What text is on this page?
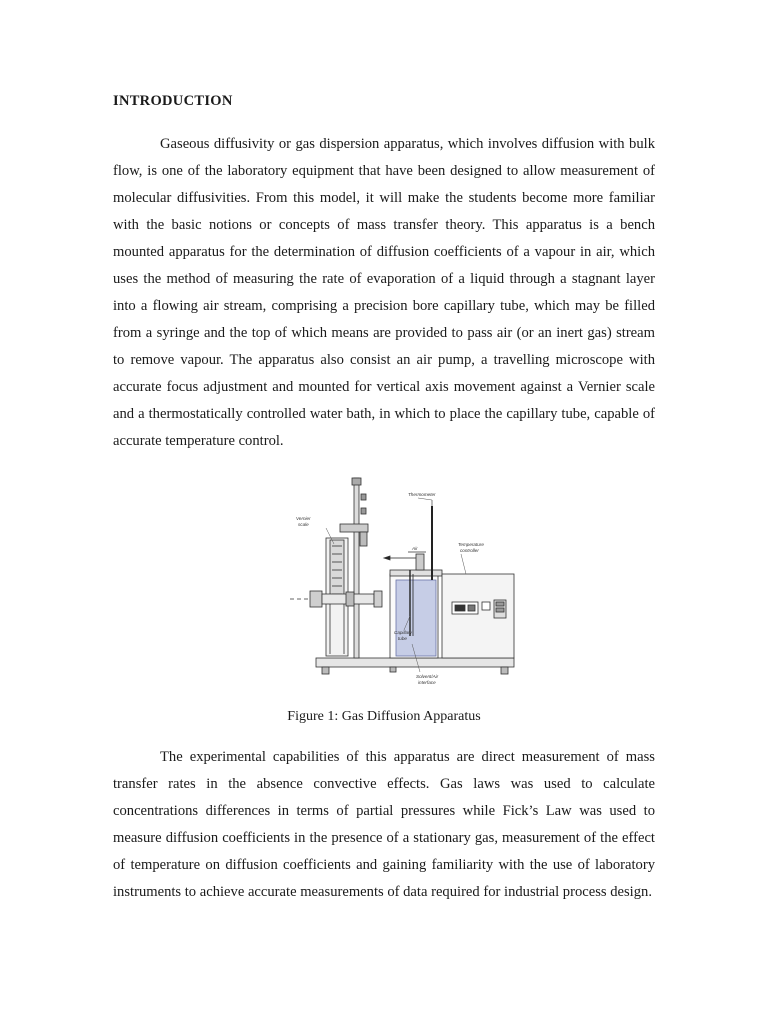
INTRODUCTION

Gaseous diffusivity or gas dispersion apparatus, which involves diffusion with bulk flow, is one of the laboratory equipment that have been designed to allow measurement of molecular diffusivities. From this model, it will make the students become more familiar with the basic notions or concepts of mass transfer theory. This apparatus is a bench mounted apparatus for the determination of diffusion coefficients of a vapour in air, which uses the method of measuring the rate of evaporation of a liquid through a stagnant layer into a flowing air stream, comprising a precision bore capillary tube, which may be filled from a syringe and the top of which means are provided to pass air (or an inert gas) stream to remove vapour. The apparatus also consist an air pump, a travelling microscope with accurate focus adjustment and mounted for vertical axis movement against a Vernier scale and a thermostatically controlled water bath, in which to place the capillary tube, capable of accurate temperature control.

Thermometer
Vernier
scale
Air
Temperature
controller
Capillary
tube
Solvent/Air
interface

Figure 1: Gas Diffusion Apparatus

The experimental capabilities of this apparatus are direct measurement of mass transfer rates in the absence convective effects. Gas laws was used to calculate concentrations differences in terms of partial pressures while Fick’s Law was used to measure diffusion coefficients in the presence of a stationary gas, measurement of the effect of temperature on diffusion coefficients and gaining familiarity with the use of laboratory instruments to achieve accurate measurements of data required for industrial process design.
